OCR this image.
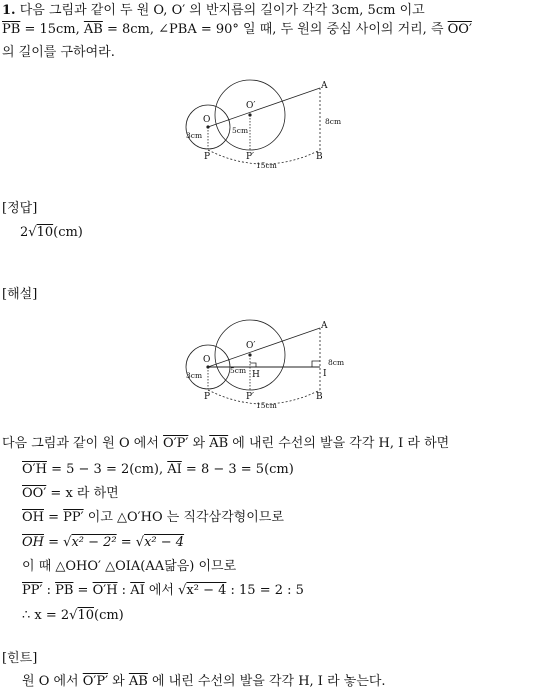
1. 다음 그림과 같이 두 원 O, O′ 의 반지름의 길이가 각각 3cm, 5cm 이고
$\overline{PB} = 15cm$, $\overline{AB} = 8cm$, ∠PBA = 90° 일 때, 두 원의 중심 사이의 거리, 즉 OO′
의 길이를 구하여라.
A
O
O′
P	P′	B
3cm
5cm
8cm
15cm
[정답]
2√10(cm)
[해설]
A
O
O′
H	I
P	P′	B
3cm
5cm
8cm
15cm
다음 그림과 같이 원 O 에서 O′P′ 와 $\overline{AB}$ 에 내린 수선의 발을 각각 H, I 라 하면
O′H = 5 − 3 = 2(cm), $\overline{AI} = 8 - 3 = 5(cm)$
OO′ = x 라 하면
$\overline{OH} = PP'$ 이고 △O′HO 는 직각삼각형이므로
$\overline{OH} = √x^2 - 2^2 = √x^2 - 4$
이 때 △OHO′ △OIA(AA닮음) 이므로
PP′ : $\overline{PB} = O'H$ : $\overline{AI}$ 에서 √x² − 4 : 15 = 2 : 5
∴ x = 2√10(cm)
[힌트]
원 O 에서 O′P′ 와 $\overline{AB}$ 에 내린 수선의 발을 각각 H, I 라 놓는다.
